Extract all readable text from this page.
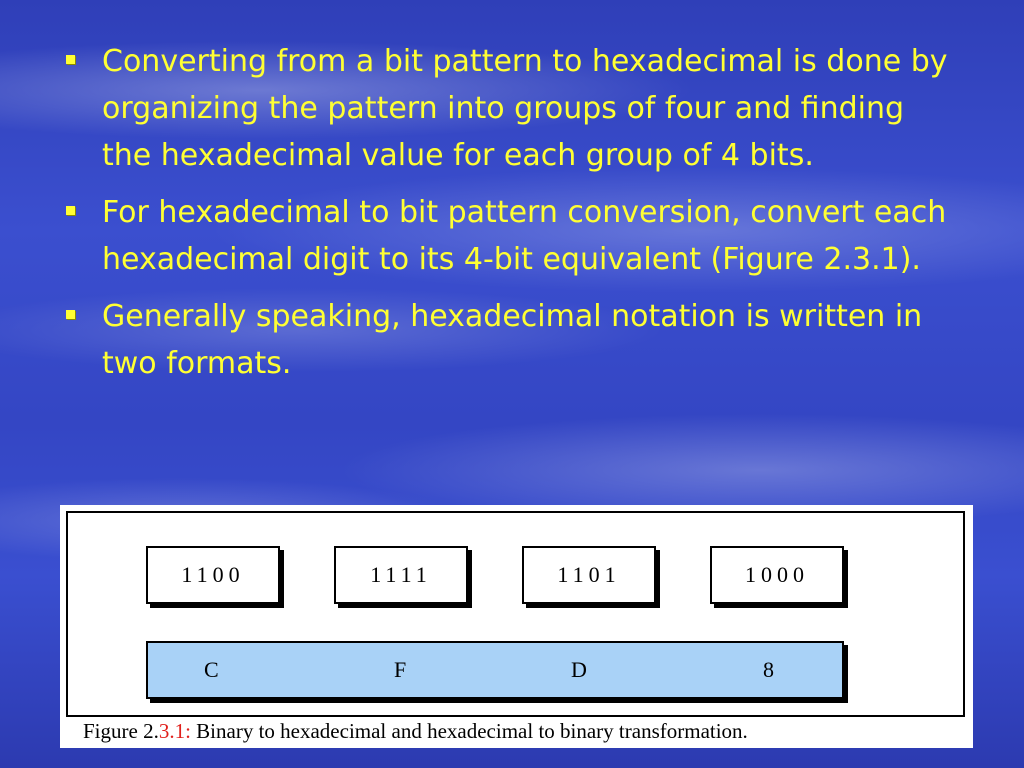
Converting from a bit pattern to hexadecimal is done by organizing the pattern into groups of four and finding the hexadecimal value for each group of 4 bits.
For hexadecimal to bit pattern conversion, convert each hexadecimal digit to its 4-bit equivalent (Figure 2.3.1).
Generally speaking, hexadecimal notation is written in two formats.
1100	1111	1101	1000
C	F	D	8
Figure 2.3.1: Binary to hexadecimal and hexadecimal to binary transformation.
